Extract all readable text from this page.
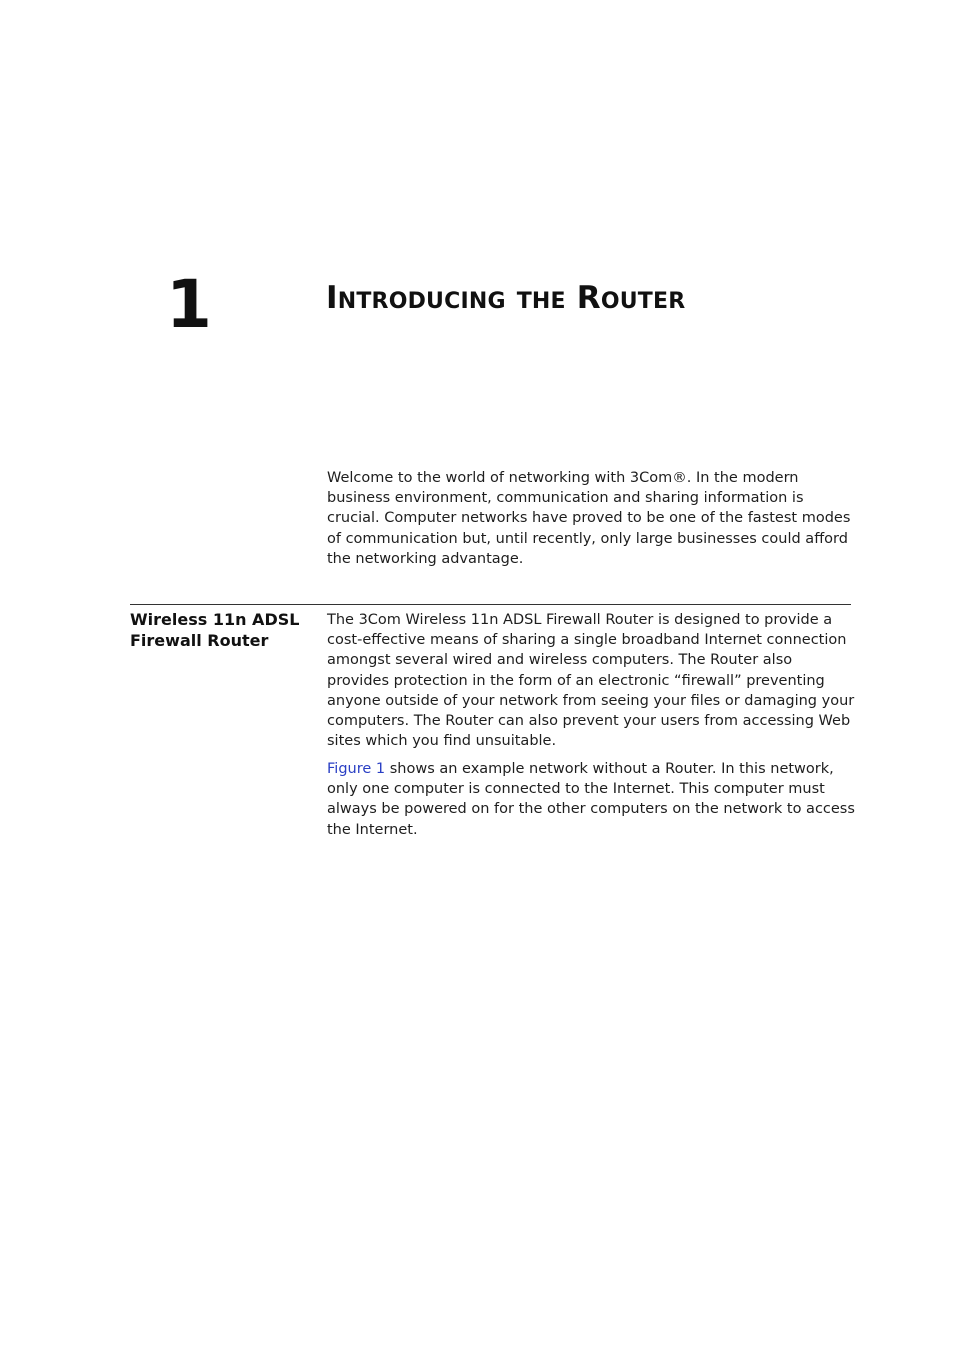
1	Introducing the Router

Welcome to the world of networking with 3Com®. In the modern business environment, communication and sharing information is crucial. Computer networks have proved to be one of the fastest modes of communication but, until recently, only large businesses could afford the networking advantage.

Wireless 11n ADSL
Firewall Router

The 3Com Wireless 11n ADSL Firewall Router is designed to provide a cost-effective means of sharing a single broadband Internet connection amongst several wired and wireless computers. The Router also provides protection in the form of an electronic “firewall” preventing anyone outside of your network from seeing your files or damaging your computers. The Router can also prevent your users from accessing Web sites which you find unsuitable.

Figure 1 shows an example network without a Router. In this network, only one computer is connected to the Internet. This computer must always be powered on for the other computers on the network to access the Internet.
